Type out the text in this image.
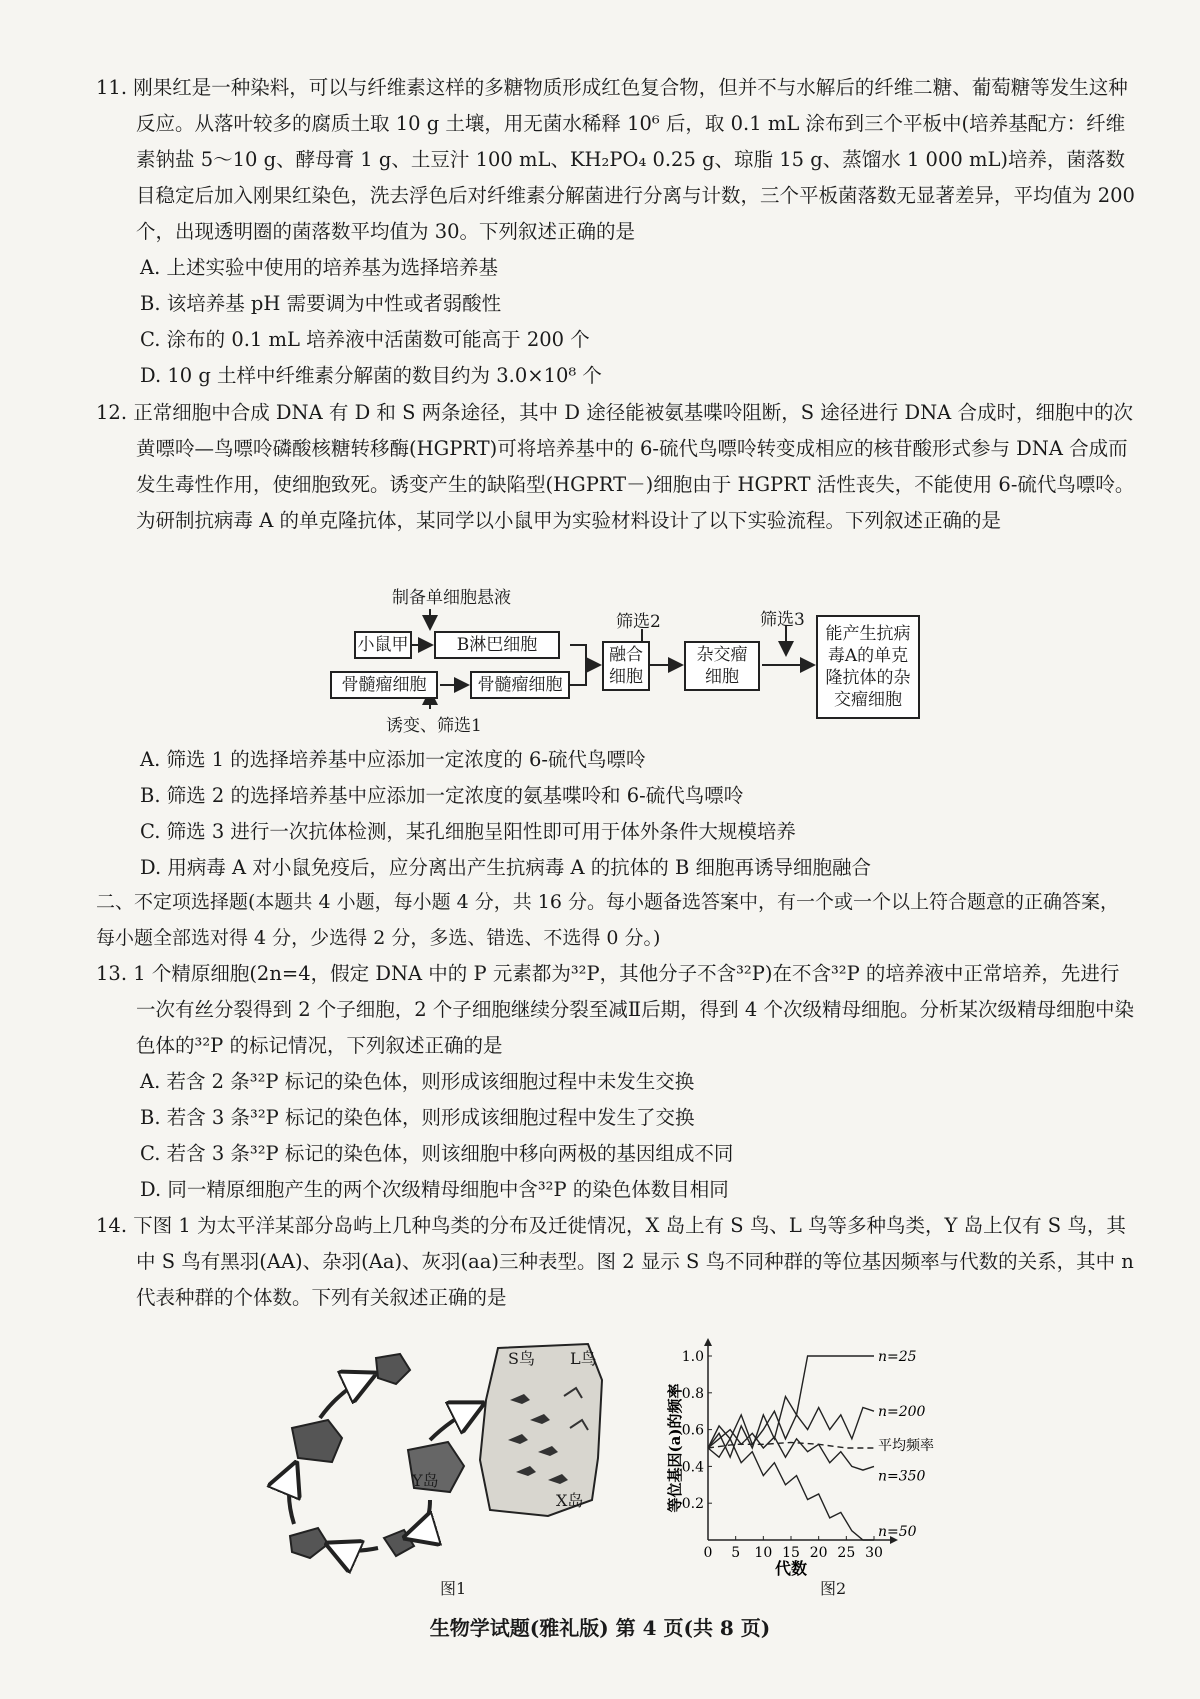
11. 刚果红是一种染料，可以与纤维素这样的多糖物质形成红色复合物，但并不与水解后的纤维二糖、葡萄糖等发生这种反应。从落叶较多的腐质土取 10 g 土壤，用无菌水稀释 10⁶ 后，取 0.1 mL 涂布到三个平板中(培养基配方：纤维素钠盐 5～10 g、酵母膏 1 g、土豆汁 100 mL、KH₂PO₄ 0.25 g、琼脂 15 g、蒸馏水 1 000 mL)培养，菌落数目稳定后加入刚果红染色，洗去浮色后对纤维素分解菌进行分离与计数，三个平板菌落数无显著差异，平均值为 200 个，出现透明圈的菌落数平均值为 30。下列叙述正确的是

A. 上述实验中使用的培养基为选择培养基

B. 该培养基 pH 需要调为中性或者弱酸性

C. 涂布的 0.1 mL 培养液中活菌数可能高于 200 个

D. 10 g 土样中纤维素分解菌的数目约为 3.0×10⁸ 个

12. 正常细胞中合成 DNA 有 D 和 S 两条途径，其中 D 途径能被氨基喋呤阻断，S 途径进行 DNA 合成时，细胞中的次黄嘌呤—鸟嘌呤磷酸核糖转移酶(HGPRT)可将培养基中的 6-硫代鸟嘌呤转变成相应的核苷酸形式参与 DNA 合成而发生毒性作用，使细胞致死。诱变产生的缺陷型(HGPRT－)细胞由于 HGPRT 活性丧失，不能使用 6-硫代鸟嘌呤。为研制抗病毒 A 的单克隆抗体，某同学以小鼠甲为实验材料设计了以下实验流程。下列叙述正确的是

制备单细胞悬液
小鼠甲	B淋巴细胞
骨髓瘤细胞	骨髓瘤细胞
诱变、筛选1
融合细胞
筛选2
杂交瘤细胞
筛选3
能产生抗病毒A的单克隆抗体的杂交瘤细胞

A. 筛选 1 的选择培养基中应添加一定浓度的 6-硫代鸟嘌呤

B. 筛选 2 的选择培养基中应添加一定浓度的氨基喋呤和 6-硫代鸟嘌呤

C. 筛选 3 进行一次抗体检测，某孔细胞呈阳性即可用于体外条件大规模培养

D. 用病毒 A 对小鼠免疫后，应分离出产生抗病毒 A 的抗体的 B 细胞再诱导细胞融合

二、不定项选择题(本题共 4 小题，每小题 4 分，共 16 分。每小题备选答案中，有一个或一个以上符合题意的正确答案，每小题全部选对得 4 分，少选得 2 分，多选、错选、不选得 0 分。)

13. 1 个精原细胞(2n=4，假定 DNA 中的 P 元素都为³²P，其他分子不含³²P)在不含³²P 的培养液中正常培养，先进行一次有丝分裂得到 2 个子细胞，2 个子细胞继续分裂至减Ⅱ后期，得到 4 个次级精母细胞。分析某次级精母细胞中染色体的³²P 的标记情况，下列叙述正确的是

A. 若含 2 条³²P 标记的染色体，则形成该细胞过程中未发生交换

B. 若含 3 条³²P 标记的染色体，则形成该细胞过程中发生了交换

C. 若含 3 条³²P 标记的染色体，则该细胞中移向两极的基因组成不同

D. 同一精原细胞产生的两个次级精母细胞中含³²P 的染色体数目相同

14. 下图 1 为太平洋某部分岛屿上几种鸟类的分布及迁徙情况，X 岛上有 S 鸟、L 鸟等多种鸟类，Y 岛上仅有 S 鸟，其中 S 鸟有黑羽(AA)、杂羽(Aa)、灰羽(aa)三种表型。图 2 显示 S 鸟不同种群的等位基因频率与代数的关系，其中 n 代表种群的个体数。下列有关叙述正确的是

S鸟 L鸟
X岛
Y岛
图1
0 5 10 15 20 25 30
0.2
0.4
0.6
0.8
1.0
代数
等位基因(a)的频率
n=25
n=200
平均频率
n=350
n=50
图2
生物学试题(雅礼版) 第 4 页(共 8 页)
